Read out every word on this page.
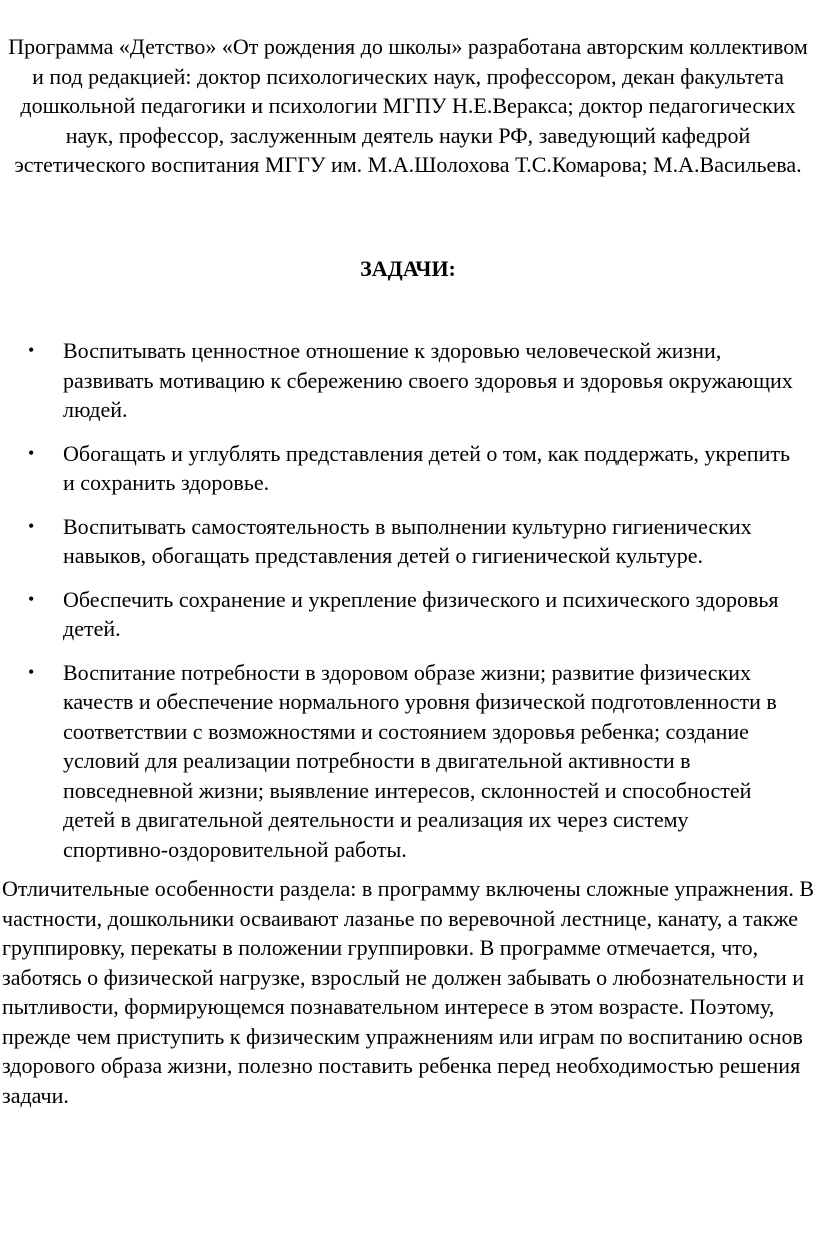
Программа «Детство» «От рождения до школы» разработана авторским коллективом и под редакцией: доктор психологических наук, профессором, декан факультета дошкольной педагогики и психологии МГПУ Н.Е.Веракса; доктор педагогических наук, профессор, заслуженным деятель науки РФ, заведующий кафедрой эстетического воспитания МГГУ им. М.А.Шолохова Т.С.Комарова; М.А.Васильева.

ЗАДАЧИ:

• Воспитывать ценностное отношение к здоровью человеческой жизни, развивать мотивацию к сбережению своего здоровья и здоровья окружающих людей.
• Обогащать и углублять представления детей о том, как поддержать, укрепить и сохранить здоровье.
• Воспитывать самостоятельность в выполнении культурно гигиенических навыков, обогащать представления детей о гигиенической культуре.
• Обеспечить сохранение и укрепление физического и психического здоровья детей.
• Воспитание потребности в здоровом образе жизни; развитие физических качеств и обеспечение нормального уровня физической подготовленности в соответствии с возможностями и состоянием здоровья ребенка; создание условий для реализации потребности в двигательной активности в повседневной жизни; выявление интересов, склонностей и способностей детей в двигательной деятельности и реализация их через систему спортивно-оздоровительной работы.

Отличительные особенности раздела: в программу включены сложные упражнения. В частности, дошкольники осваивают лазанье по веревочной лестнице, канату, а также группировку, перекаты в положении группировки. В программе отмечается, что, заботясь о физической нагрузке, взрослый не должен забывать о любознательности и пытливости, формирующемся познавательном интересе в этом возрасте. Поэтому, прежде чем приступить к физическим упражнениям или играм по воспитанию основ здорового образа жизни, полезно поставить ребенка перед необходимостью решения задачи.
